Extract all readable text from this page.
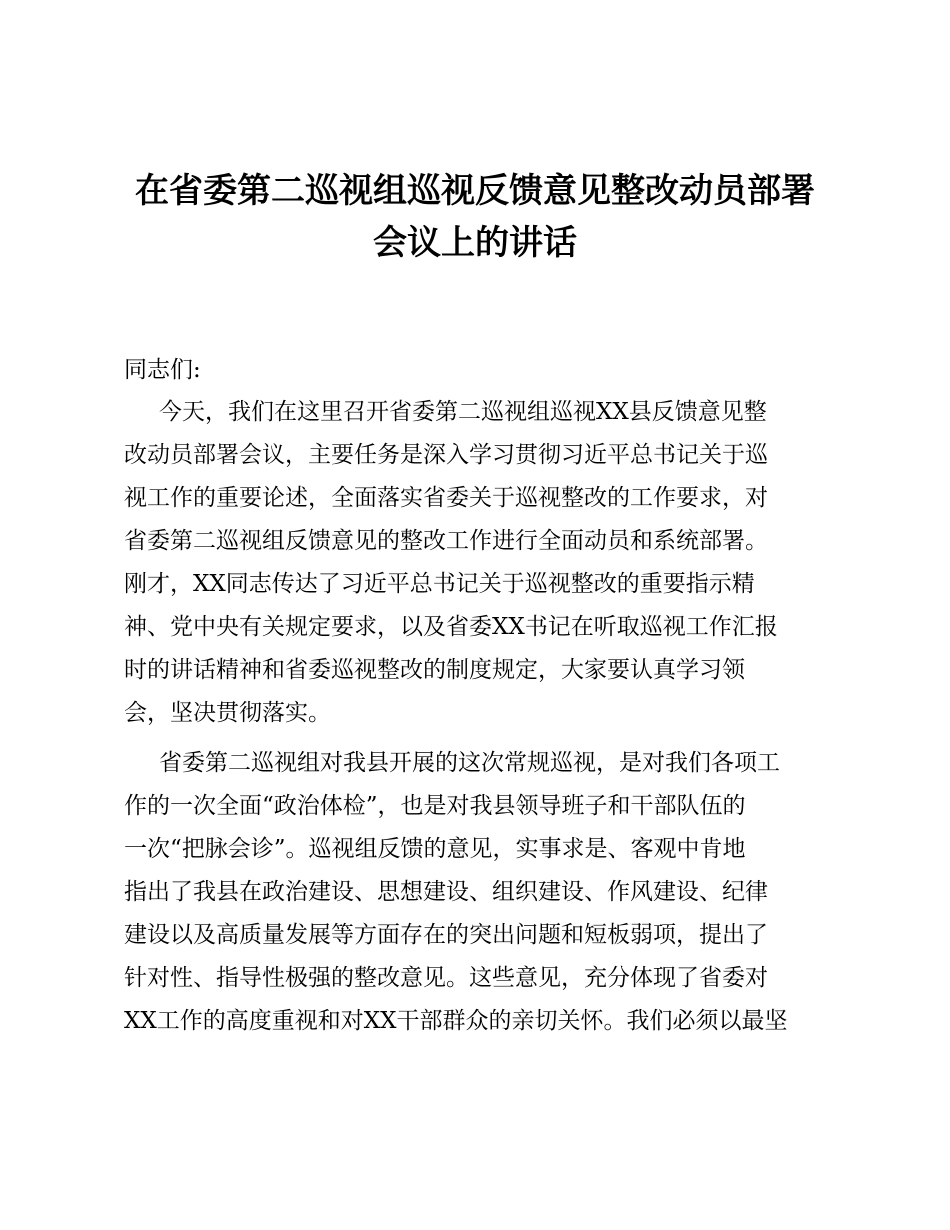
在省委第二巡视组巡视反馈意见整改动员部署
会议上的讲话
同志们:
今天，我们在这里召开省委第二巡视组巡视XX县反馈意见整
改动员部署会议，主要任务是深入学习贯彻习近平总书记关于巡
视工作的重要论述，全面落实省委关于巡视整改的工作要求，对
省委第二巡视组反馈意见的整改工作进行全面动员和系统部署。
刚才，XX同志传达了习近平总书记关于巡视整改的重要指示精
神、党中央有关规定要求，以及省委XX书记在听取巡视工作汇报
时的讲话精神和省委巡视整改的制度规定，大家要认真学习领
会，坚决贯彻落实。
省委第二巡视组对我县开展的这次常规巡视，是对我们各项工
作的一次全面“政治体检”，也是对我县领导班子和干部队伍的
一次“把脉会诊”。巡视组反馈的意见，实事求是、客观中肯地
指出了我县在政治建设、思想建设、组织建设、作风建设、纪律
建设以及高质量发展等方面存在的突出问题和短板弱项，提出了
针对性、指导性极强的整改意见。这些意见，充分体现了省委对
XX工作的高度重视和对XX干部群众的亲切关怀。我们必须以最坚
